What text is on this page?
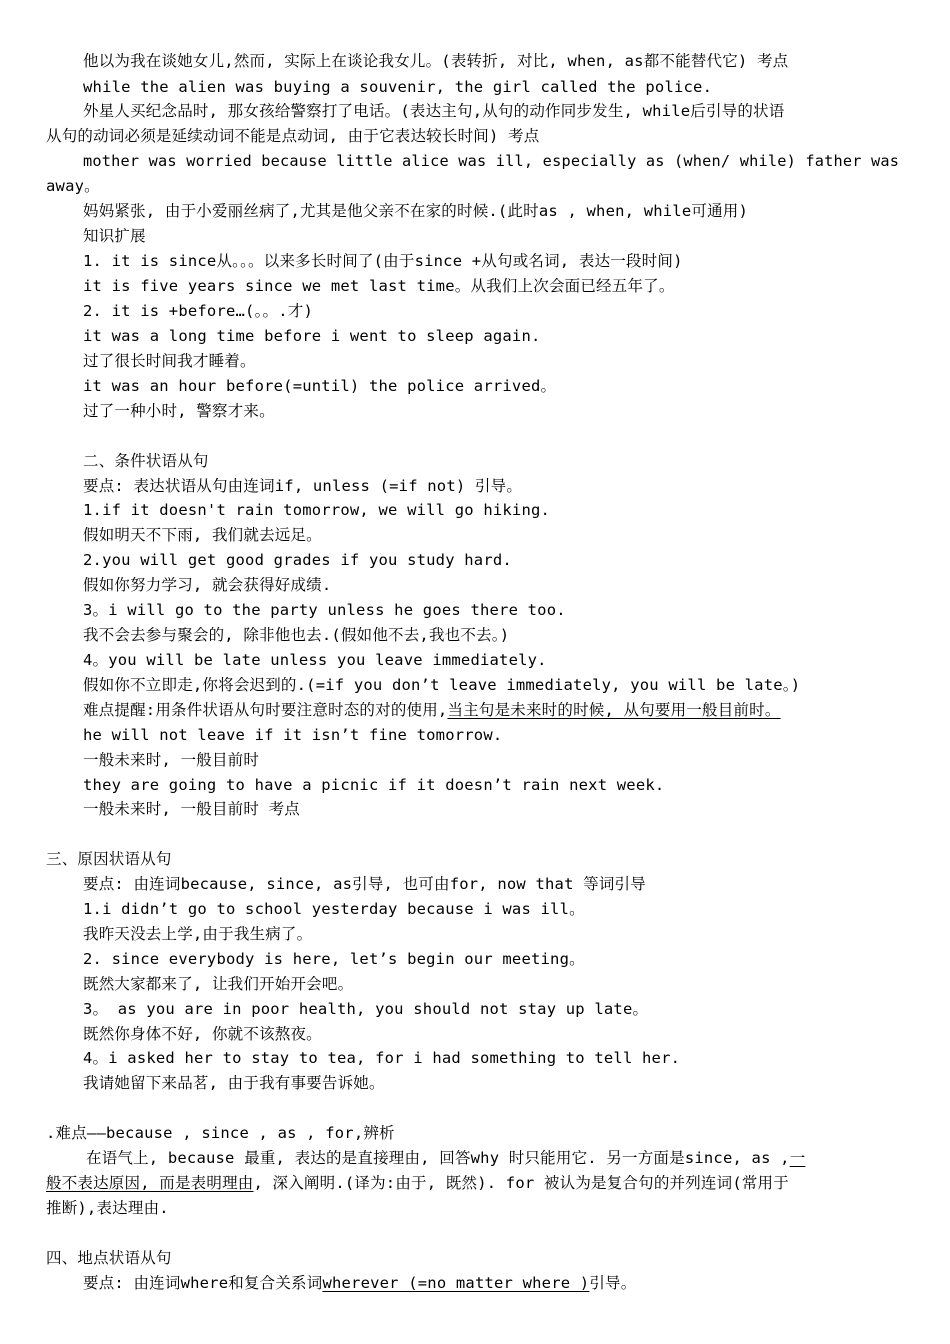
他以为我在谈她女儿,然而, 实际上在谈论我女儿。(表转折, 对比, when, as都不能替代它) 考点
while the alien was buying a souvenir, the girl called the police.
外星人买纪念品时, 那女孩给警察打了电话。(表达主句,从句的动作同步发生, while后引导的状语
从句的动词必须是延续动词不能是点动词, 由于它表达较长时间) 考点
mother was worried because little alice was ill, especially as (when/ while) father was
away。
妈妈紧张, 由于小爱丽丝病了,尤其是他父亲不在家的时候.(此时as , when, while可通用)
知识扩展
1. it is since从。。。以来多长时间了(由于since +从句或名词, 表达一段时间)
it is five years since we met last time。从我们上次会面已经五年了。
2. it is +before…(。。.才)
it was a long time before i went to sleep again.
过了很长时间我才睡着。
it was an hour before(=until) the police arrived。
过了一种小时, 警察才来。
二、条件状语从句
要点: 表达状语从句由连词if, unless (=if not) 引导。
1.if it doesn't rain tomorrow, we will go hiking.
假如明天不下雨, 我们就去远足。
2.you will get good grades if you study hard.
假如你努力学习, 就会获得好成绩.
3。i will go to the party unless he goes there too.
我不会去参与聚会的, 除非他也去.(假如他不去,我也不去。)
4。you will be late unless you leave immediately.
假如你不立即走,你将会迟到的.(=if you don’t leave immediately, you will be late。)
难点提醒:用条件状语从句时要注意时态的对的使用,当主句是未来时的时候, 从句要用一般目前时。
he will not leave if it isn’t fine tomorrow.
一般未来时, 一般目前时
they are going to have a picnic if it doesn’t rain next week.
一般未来时, 一般目前时 考点
三、原因状语从句
要点: 由连词because, since, as引导, 也可由for, now that 等词引导
1.i didn’t go to school yesterday because i was ill。
我昨天没去上学,由于我生病了。
2. since everybody is here, let’s begin our meeting。
既然大家都来了, 让我们开始开会吧。
3。 as you are in poor health, you should not stay up late。
既然你身体不好, 你就不该熬夜。
4。i asked her to stay to tea, for i had something to tell her.
我请她留下来品茗, 由于我有事要告诉她。
.难点——because , since , as , for,辨析
在语气上, because 最重, 表达的是直接理由, 回答why 时只能用它. 另一方面是since, as ,一
般不表达原因, 而是表明理由, 深入阐明.(译为:由于, 既然). for 被认为是复合句的并列连词(常用于
推断),表达理由.
四、地点状语从句
要点: 由连词where和复合关系词wherever (=no matter where )引导。
